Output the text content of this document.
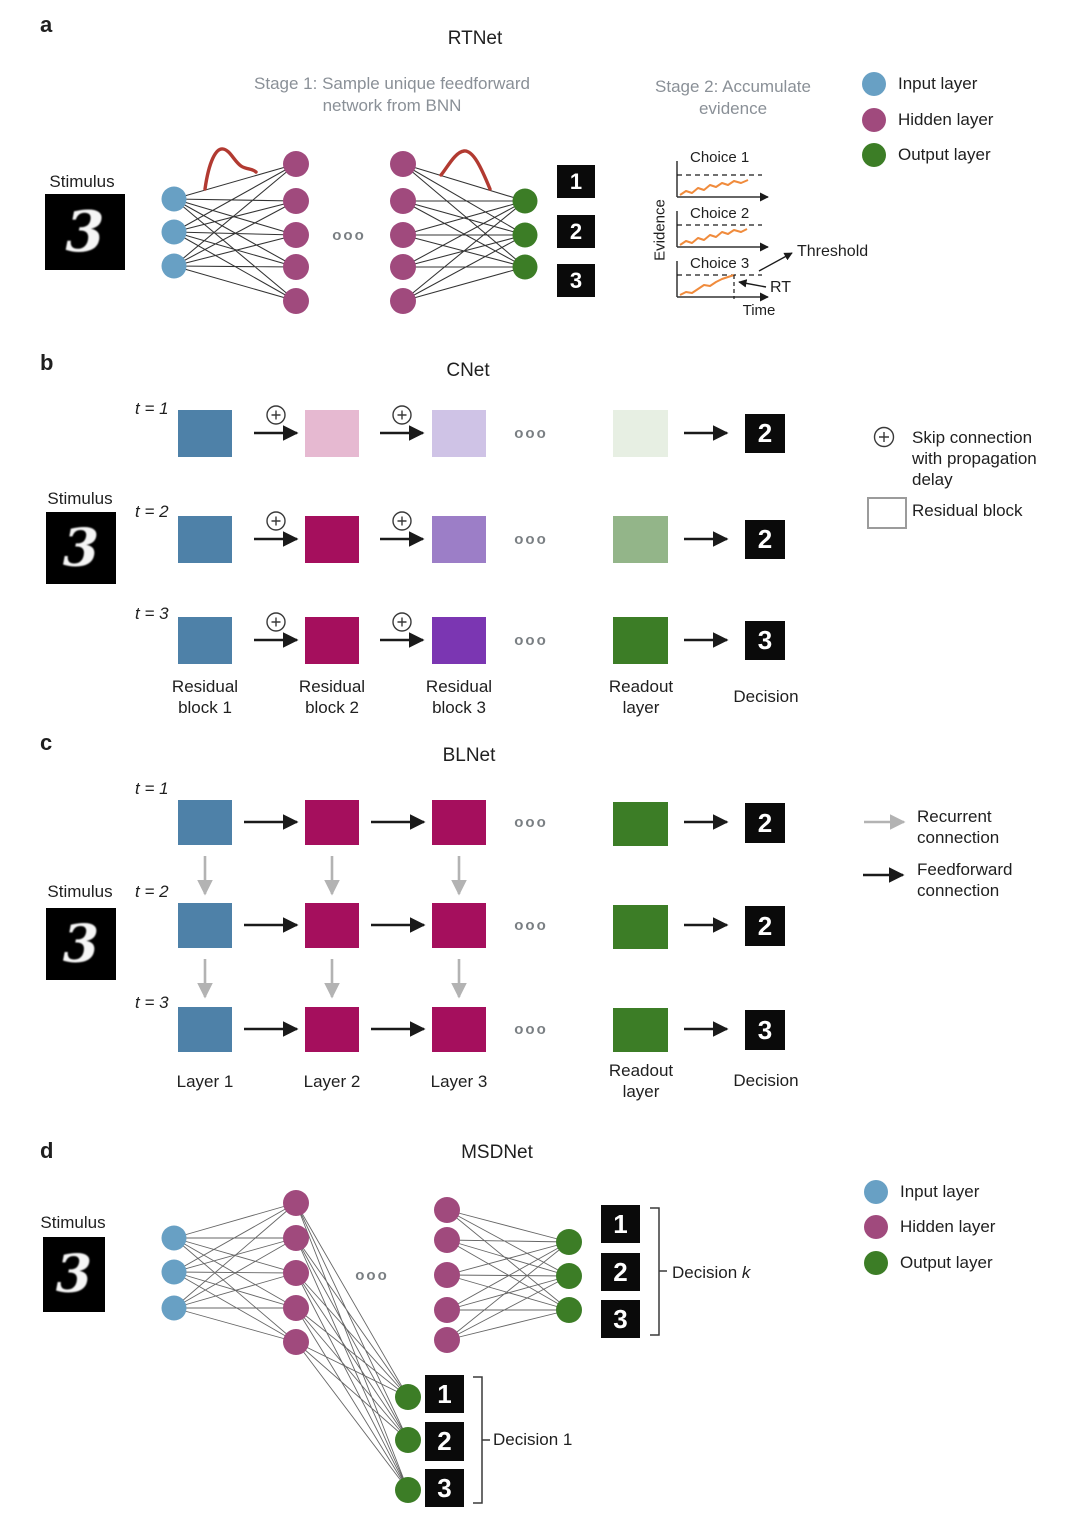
a
RTNet
Stage 1: Sample unique feedforward
network from BNN
Stage 2: Accumulate
evidence
Stimulus
3	ooo
1
2
3
Choice 1
Choice 2
Choice 3
Evidence
Time
Threshold
RT
Input layer
Hidden layer
Output layer
b	CNet
Stimulus
3
t = 1
t = 2
t = 3
ooo	2
ooo	2
ooo	3
Residual
block 1
Residual
block 2
Residual
block 3
Readout
layer
Decision
Skip connection
with propagation
delay
Residual block
c
BLNet
Stimulus
3
t = 1
t = 2
t = 3
ooo	2
ooo	2
ooo	3
Layer 1	Layer 2	Layer 3
Readout
layer
Decision
Recurrent
connection
Feedforward
connection
d	MSDNet
Stimulus
3	ooo
1
2
3
Decision k
1
2
3
Decision 1
Input layer
Hidden layer
Output layer
